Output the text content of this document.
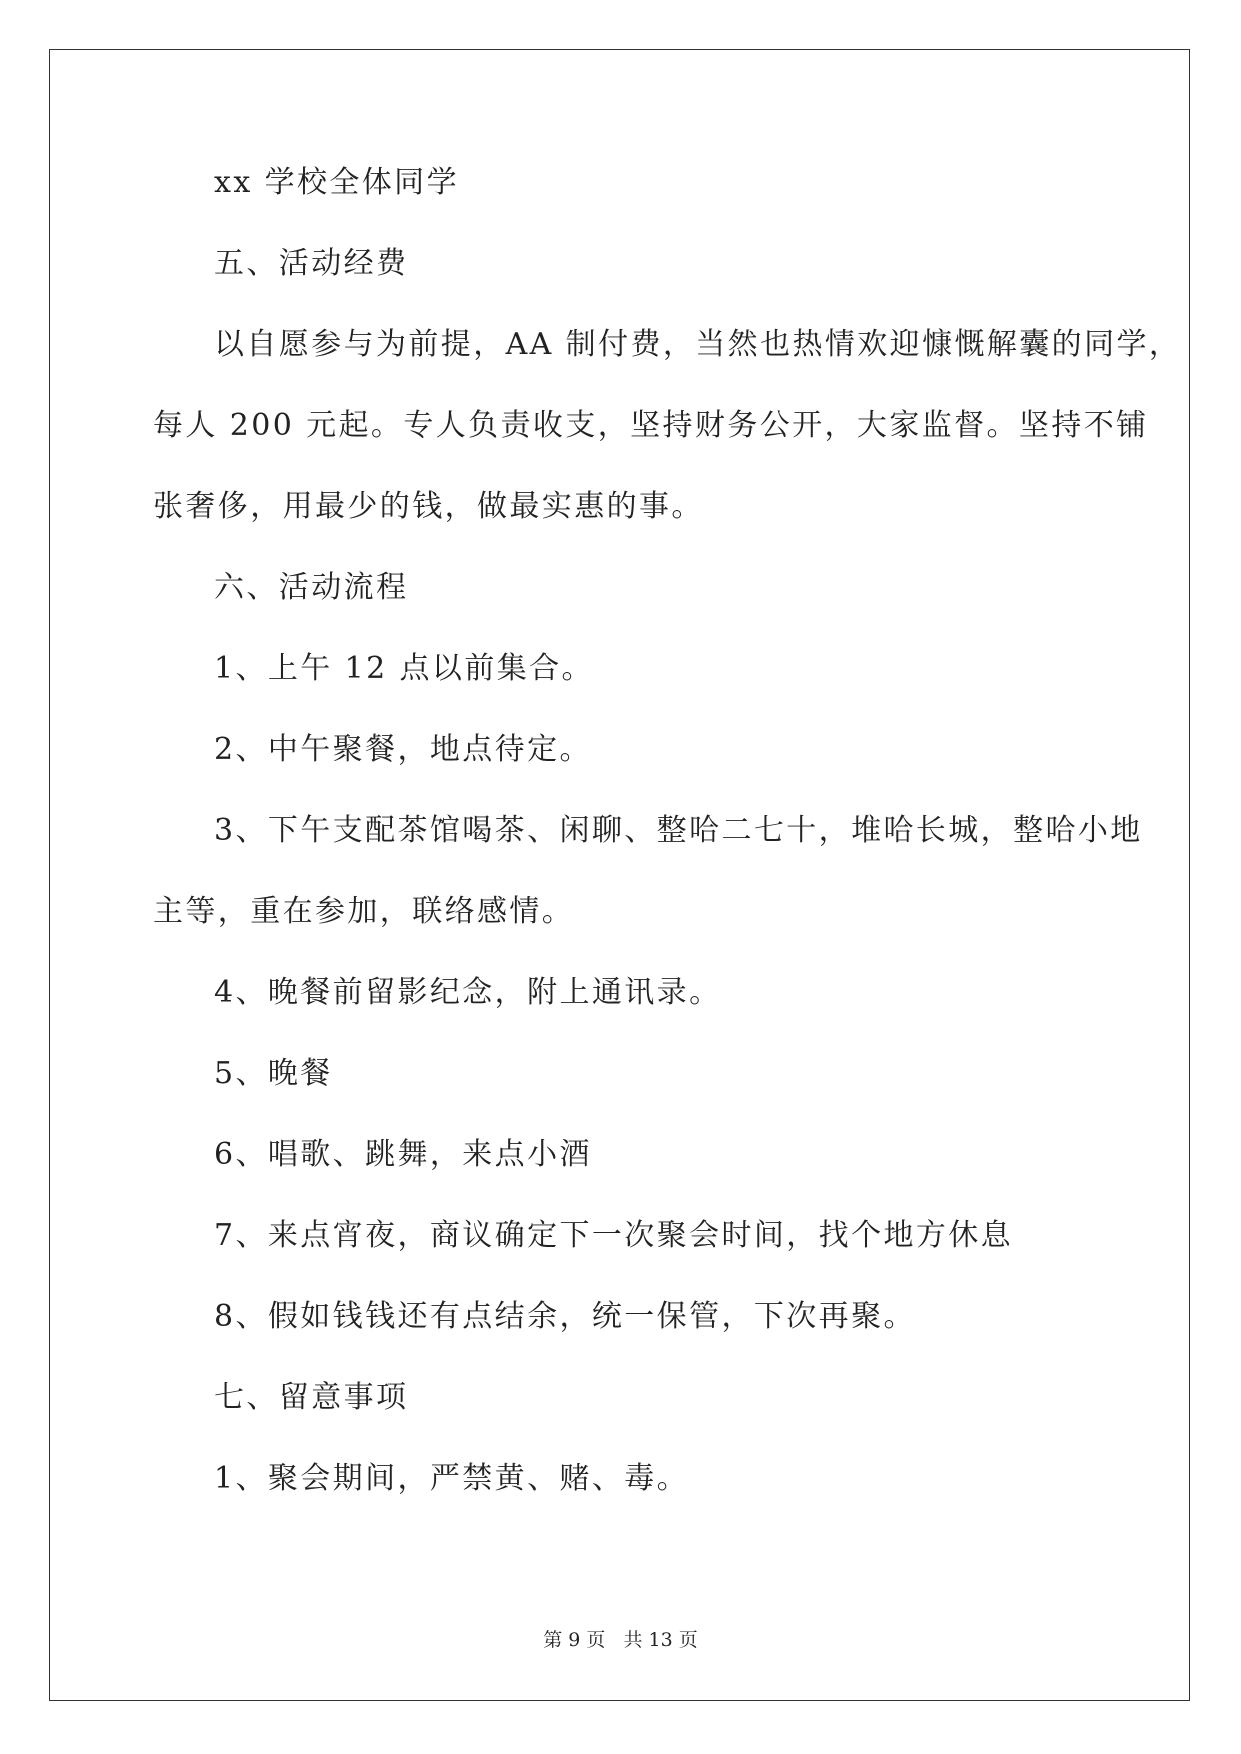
xx 学校全体同学
五、活动经费
以自愿参与为前提，AA 制付费，当然也热情欢迎慷慨解囊的同学，
每人 200 元起。专人负责收支，坚持财务公开，大家监督。坚持不铺
张奢侈，用最少的钱，做最实惠的事。
六、活动流程
1、上午 12 点以前集合。
2、中午聚餐，地点待定。
3、下午支配茶馆喝茶、闲聊、整哈二七十，堆哈长城，整哈小地
主等，重在参加，联络感情。
4、晚餐前留影纪念，附上通讯录。
5、晚餐
6、唱歌、跳舞，来点小酒
7、来点宵夜，商议确定下一次聚会时间，找个地方休息
8、假如钱钱还有点结余，统一保管，下次再聚。
七、留意事项
1、聚会期间，严禁黄、赌、毒。
第 9 页   共 13 页
